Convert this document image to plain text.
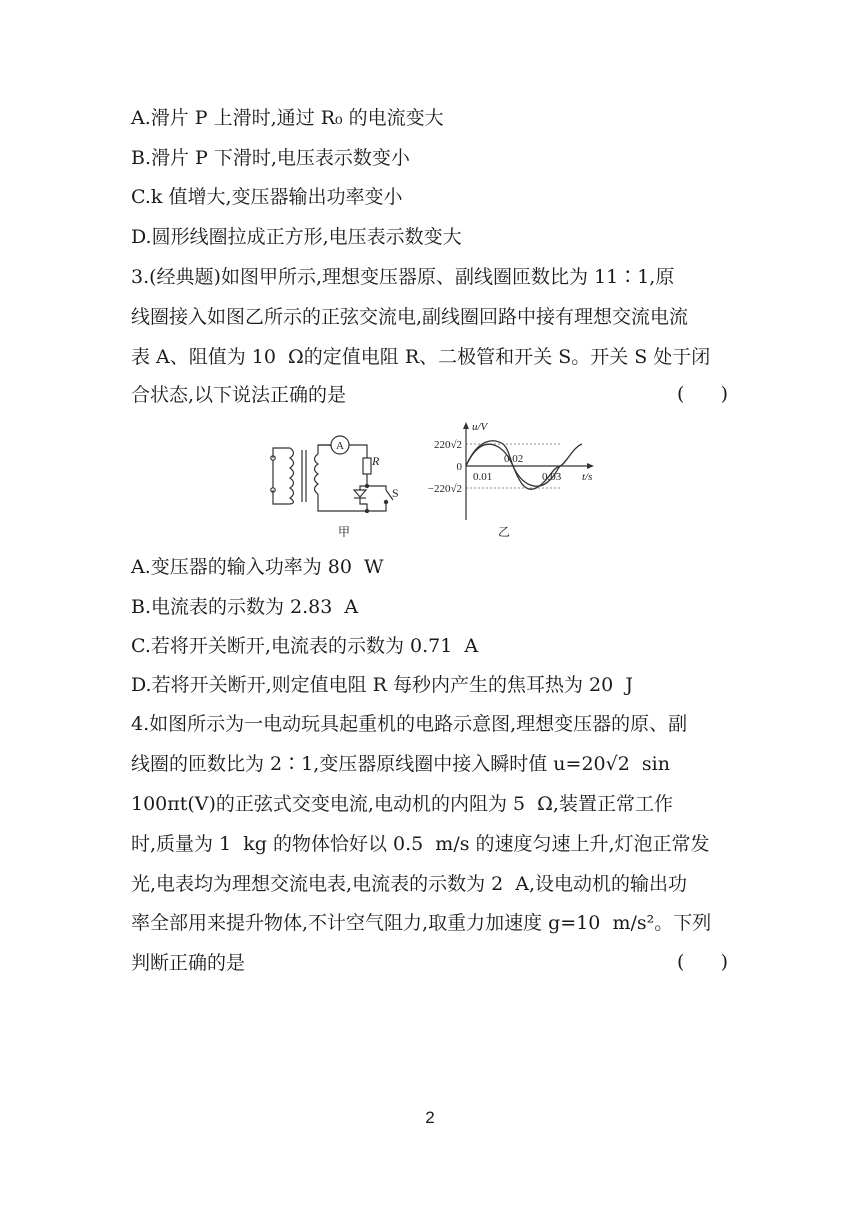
A.滑片 P 上滑时,通过 R₀ 的电流变大
B.滑片 P 下滑时,电压表示数变小
C.k 值增大,变压器输出功率变小
D.圆形线圈拉成正方形,电压表示数变大
3.(经典题)如图甲所示,理想变压器原、副线圈匝数比为 11∶1,原
线圈接入如图乙所示的正弦交流电,副线圈回路中接有理想交流电流
表 A、阻值为 10  Ω的定值电阻 R、二极管和开关 S。开关 S 处于闭
合状态,以下说法正确的是	(      )
A
R
S
甲
u/V
t/s
220√2
−220√2
0
0.01
0.02
0.03
乙
A.变压器的输入功率为 80  W
B.电流表的示数为 2.83  A
C.若将开关断开,电流表的示数为 0.71  A
D.若将开关断开,则定值电阻 R 每秒内产生的焦耳热为 20  J
4.如图所示为一电动玩具起重机的电路示意图,理想变压器的原、副
线圈的匝数比为 2∶1,变压器原线圈中接入瞬时值 u=20√2  sin
100πt(V)的正弦式交变电流,电动机的内阻为 5  Ω,装置正常工作
时,质量为 1  kg 的物体恰好以 0.5  m/s 的速度匀速上升,灯泡正常发
光,电表均为理想交流电表,电流表的示数为 2  A,设电动机的输出功
率全部用来提升物体,不计空气阻力,取重力加速度 g=10  m/s²。下列
判断正确的是	(      )
2
